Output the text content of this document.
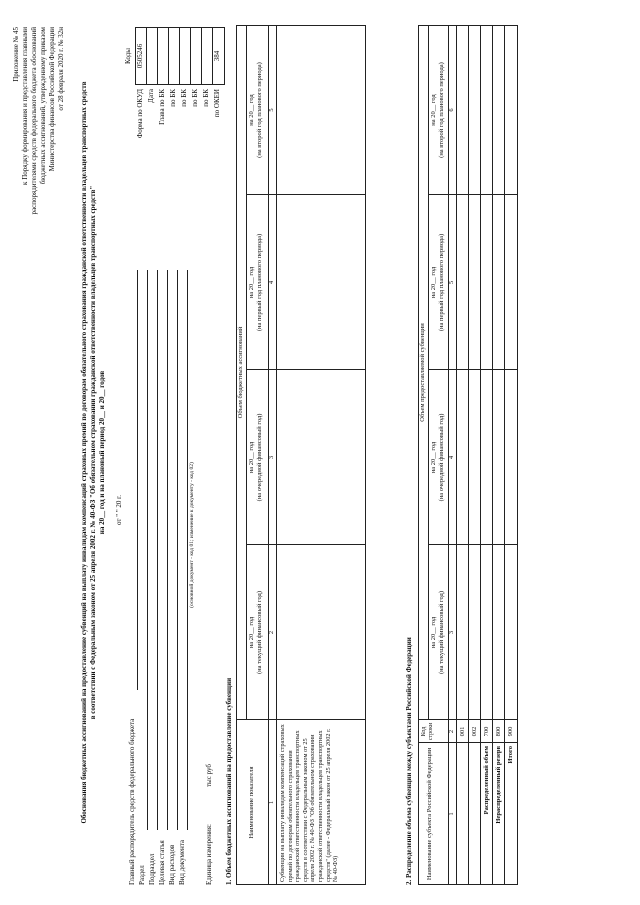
Приложение № 45 к Порядку формирования и представления главными распорядителями средств федерального бюджета обоснований бюджетных ассигнований, утвержденному приказом Министерства финансов Российской Федерации от 28 февраля 2020 г. № 32н
Обоснования бюджетных ассигнований на предоставление субвенций на выплату инвалидам компенсаций страховых премий по договорам обязательного страхования гражданской ответственности владельцев транспортных средств в соответствии с Федеральным законом от 25 апреля 2002 г. № 40-ФЗ "Об обязательном страховании гражданской ответственности владельцев транспортных средств" на 20__ год и на плановый период 20__ и 20__ годов от " " 20 г.
Главный распорядитель средств федерального бюджета Раздел Подраздел Целевая статья Вид расходов Вид документа
(основной документ - код 01; изменение к документу - код 02)
Единица измерения:
тыс руб
Коды 0505246
Форма по ОКУД Дата Глава по БК по БК по БК по БК по БК по ОКЕИ
384
1. Объем бюджетных ассигнований на предоставление субвенции Наименование показателя
Объем бюджетных ассигнований
на 20__ год (на текущий финансовый год)
на 20__ год (на очередной финансовый год)
на 20__ год (на первый год планового периода)
на 20__ год (на второй год планового периода)
1
2
3
4
5
Субвенции на выплату инвалидам компенсаций страховых премий по договорам обязательного страхования гражданской ответственности владельцев транспортных средств в соответствии с Федеральным законом от 25 апреля 2002 г. № 40-ФЗ "Об обязательном страховании гражданской ответственности владельцев транспортных средств" (далее - Федеральный закон от 25 апреля 2002 г. № 40-ФЗ)	2. Распределение объема субвенции между субъектами Российской Федерации Наименование субъекта Российской Федерации
Код строки
Объем предоставляемой субвенции
на 20__ год (на текущий финансовый год)
на 20__ год (на очередной финансовый год)
на 20__ год (на первый год планового периода)
на 20__ год (на второй год планового периода)
1
2
3
4
5
6
001 002
Распределенный объем
700
Нераспределенный резерв
800
Итого
900
